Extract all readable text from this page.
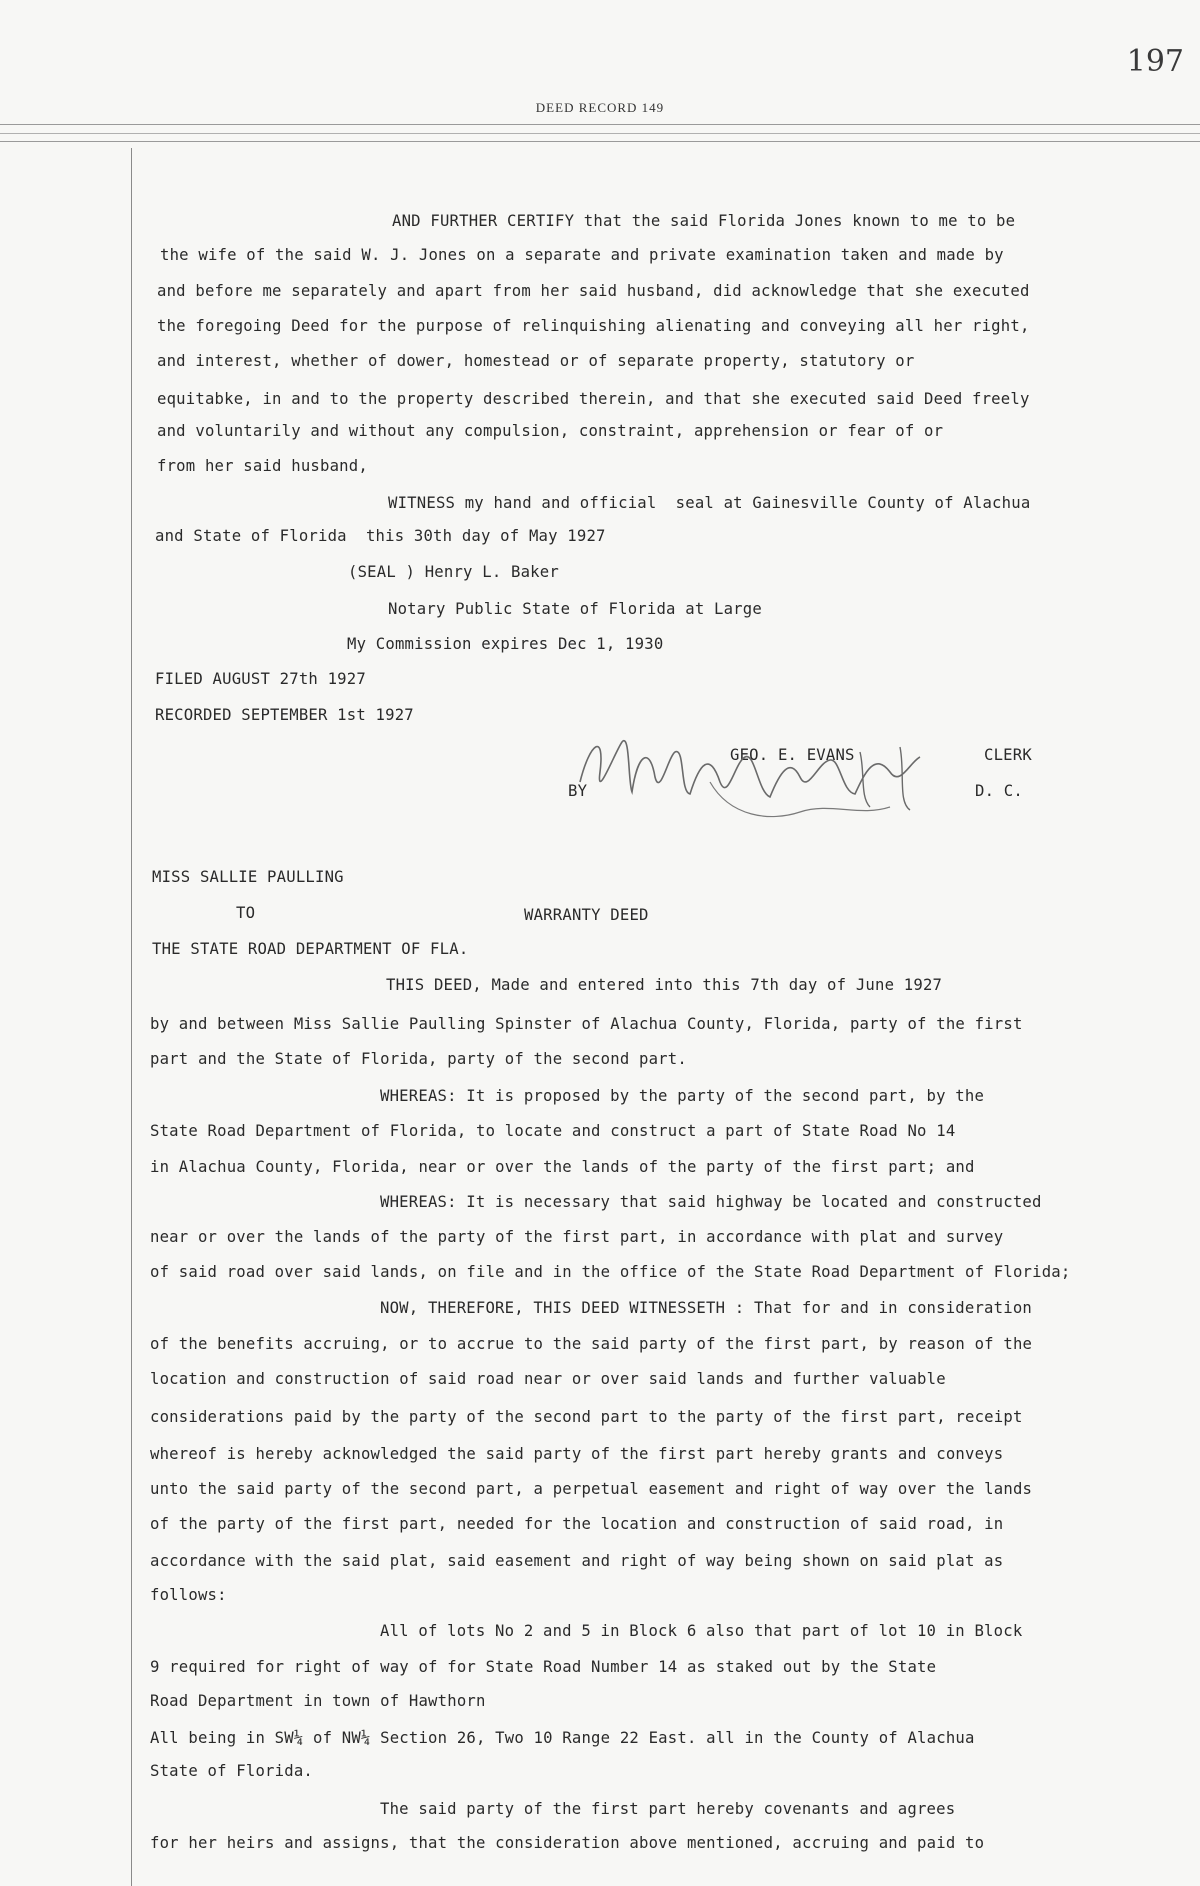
197
DEED RECORD 149
AND FURTHER CERTIFY that the said Florida Jones known to me to be
the wife of the said W. J. Jones on a separate and private examination taken and made by
and before me separately and apart from her said husband, did acknowledge that she executed
the foregoing Deed for the purpose of relinquishing alienating and conveying all her right,
and interest, whether of dower, homestead or of separate property, statutory or
equitabke, in and to the property described therein, and that she executed said Deed freely
and voluntarily and without any compulsion, constraint, apprehension or fear of or
from her said husband,
WITNESS my hand and official  seal at Gainesville County of Alachua
and State of Florida  this 30th day of May 1927
(SEAL ) Henry L. Baker
Notary Public State of Florida at Large
My Commission expires Dec 1, 1930
FILED AUGUST 27th 1927
RECORDED SEPTEMBER 1st 1927
GEO. E. EVANS	CLERK
BY	D. C.
MISS SALLIE PAULLING
TO	WARRANTY DEED
THE STATE ROAD DEPARTMENT OF FLA.
THIS DEED, Made and entered into this 7th day of June 1927
by and between Miss Sallie Paulling Spinster of Alachua County, Florida, party of the first
part and the State of Florida, party of the second part.
WHEREAS: It is proposed by the party of the second part, by the
State Road Department of Florida, to locate and construct a part of State Road No 14
in Alachua County, Florida, near or over the lands of the party of the first part; and
WHEREAS: It is necessary that said highway be located and constructed
near or over the lands of the party of the first part, in accordance with plat and survey
of said road over said lands, on file and in the office of the State Road Department of Florida;
NOW, THEREFORE, THIS DEED WITNESSETH : That for and in consideration
of the benefits accruing, or to accrue to the said party of the first part, by reason of the
location and construction of said road near or over said lands and further valuable
considerations paid by the party of the second part to the party of the first part, receipt
whereof is hereby acknowledged the said party of the first part hereby grants and conveys
unto the said party of the second part, a perpetual easement and right of way over the lands
of the party of the first part, needed for the location and construction of said road, in
accordance with the said plat, said easement and right of way being shown on said plat as
follows:
All of lots No 2 and 5 in Block 6 also that part of lot 10 in Block
9 required for right of way of for State Road Number 14 as staked out by the State
Road Department in town of Hawthorn
All being in SW¼ of NW¼ Section 26, Two 10 Range 22 East. all in the County of Alachua
State of Florida.
The said party of the first part hereby covenants and agrees
for her heirs and assigns, that the consideration above mentioned, accruing and paid to
